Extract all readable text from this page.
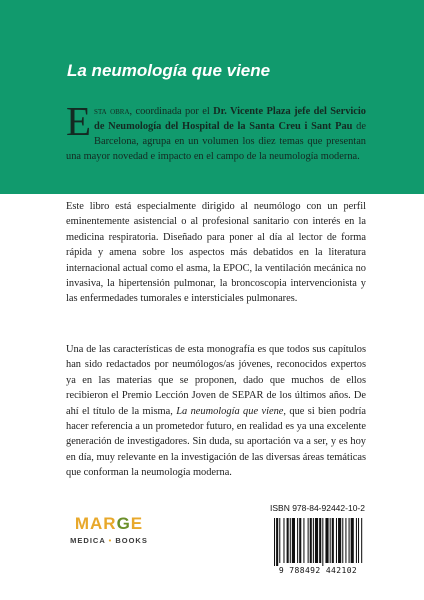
La neumología que viene

Esta obra, coordinada por el Dr. Vicente Plaza jefe del Servicio de Neumología del Hospital de la Santa Creu i Sant Pau de Barcelona, agrupa en un volumen los diez temas que presentan una mayor novedad e impacto en el campo de la neumología moderna.

Este libro está especialmente dirigido al neumólogo con un perfil eminentemente asistencial o al profesional sanitario con interés en la medicina respiratoria. Diseñado para poner al día al lector de forma rápida y amena sobre los aspectos más debatidos en la literatura internacional actual como el asma, la EPOC, la ventilación mecánica no invasiva, la hipertensión pulmonar, la broncoscopia intervencionista y las enfermedades tumorales e intersticiales pulmonares.

Una de las características de esta monografía es que todos sus capítulos han sido redactados por neumólogos/as jóvenes, reconocidos expertos ya en las materias que se proponen, dado que muchos de ellos recibieron el Premio Lección Joven de SEPAR de los últimos años. De ahí el título de la misma, La neumología que viene, que si bien podría hacer referencia a un prometedor futuro, en realidad es ya una excelente generación de investigadores. Sin duda, su aportación va a ser, y es hoy en día, muy relevante en la investigación de las diversas áreas temáticas que conforman la neumología moderna.

MARGE
MEDICA • BOOKS
ISBN 978-84-92442-10-2
9 788492 442102
